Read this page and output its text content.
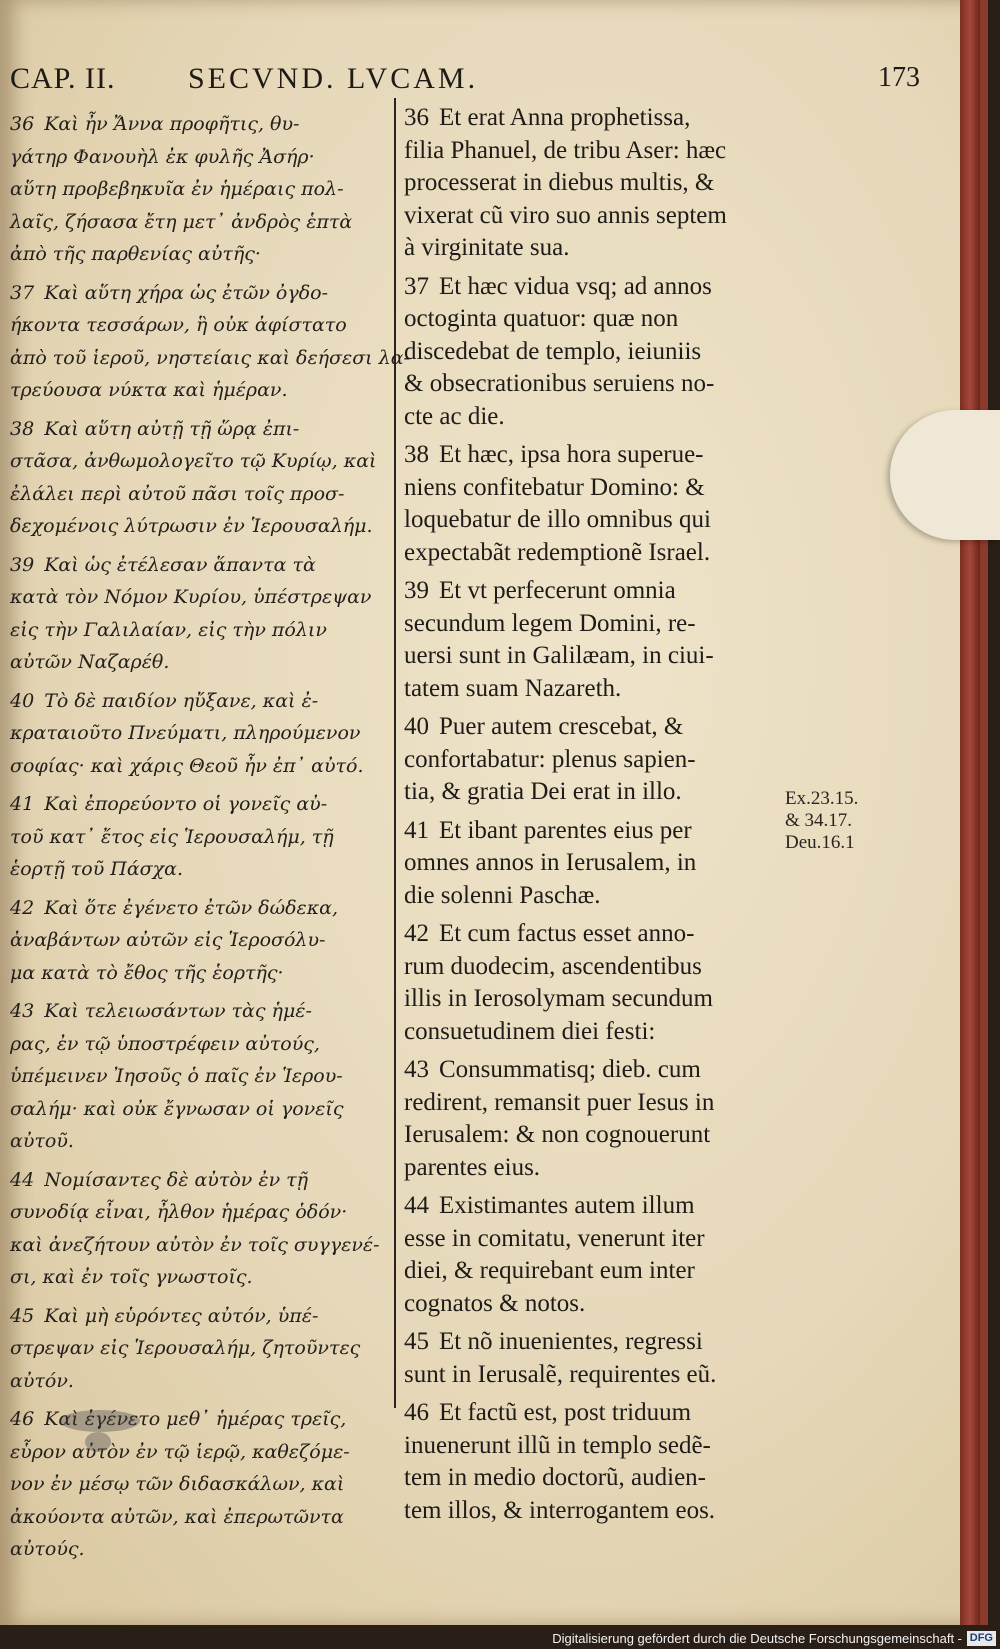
CAP. II. SECVND. LVCAM.	173
36 Καὶ ἦν Ἄννα προφῆτις, θυ-
γάτηρ Φανουὴλ ἐκ φυλῆς Ἀσήρ·
αὕτη προβεβηκυῖα ἐν ἡμέραις πολ-
λαῖς, ζήσασα ἔτη μετ᾽ ἀνδρὸς ἑπτὰ
ἀπὸ τῆς παρθενίας αὐτῆς·
37 Καὶ αὕτη χήρα ὡς ἐτῶν ὀγδο-
ήκοντα τεσσάρων, ἣ οὐκ ἀφίστατο
ἀπὸ τοῦ ἱεροῦ, νηστείαις καὶ δεήσεσι λα-
τρεύουσα νύκτα καὶ ἡμέραν.
38 Καὶ αὕτη αὐτῇ τῇ ὥρᾳ ἐπι-
στᾶσα, ἀνθωμολογεῖτο τῷ Κυρίῳ, καὶ
ἐλάλει περὶ αὐτοῦ πᾶσι τοῖς προσ-
δεχομένοις λύτρωσιν ἐν Ἱερουσαλήμ.
39 Καὶ ὡς ἐτέλεσαν ἅπαντα τὰ
κατὰ τὸν Νόμον Κυρίου, ὑπέστρεψαν
εἰς τὴν Γαλιλαίαν, εἰς τὴν πόλιν
αὐτῶν Ναζαρέθ.
40 Τὸ δὲ παιδίον ηὔξανε, καὶ ἐ-
κραταιοῦτο Πνεύματι, πληρούμενον
σοφίας· καὶ χάρις Θεοῦ ἦν ἐπ᾽ αὐτό.
41 Καὶ ἐπορεύοντο οἱ γονεῖς αὐ-
τοῦ κατ᾽ ἔτος εἰς Ἱερουσαλήμ, τῇ
ἑορτῇ τοῦ Πάσχα.
42 Καὶ ὅτε ἐγένετο ἐτῶν δώδεκα,
ἀναβάντων αὐτῶν εἰς Ἱεροσόλυ-
μα κατὰ τὸ ἔθος τῆς ἑορτῆς·
43 Καὶ τελειωσάντων τὰς ἡμέ-
ρας, ἐν τῷ ὑποστρέφειν αὐτούς,
ὑπέμεινεν Ἰησοῦς ὁ παῖς ἐν Ἱερου-
σαλήμ· καὶ οὐκ ἔγνωσαν οἱ γονεῖς
αὐτοῦ.
44 Νομίσαντες δὲ αὐτὸν ἐν τῇ
συνοδίᾳ εἶναι, ἦλθον ἡμέρας ὁδόν·
καὶ ἀνεζήτουν αὐτὸν ἐν τοῖς συγγενέ-
σι, καὶ ἐν τοῖς γνωστοῖς.
45 Καὶ μὴ εὑρόντες αὐτόν, ὑπέ-
στρεψαν εἰς Ἱερουσαλήμ, ζητοῦντες
αὐτόν.
46 Καὶ ἐγένετο μεθ᾽ ἡμέρας τρεῖς,
εὗρον αὐτὸν ἐν τῷ ἱερῷ, καθεζόμε-
νον ἐν μέσῳ τῶν διδασκάλων, καὶ
ἀκούοντα αὐτῶν, καὶ ἐπερωτῶντα
αὐτούς.
36 Et erat Anna prophetissa,
filia Phanuel, de tribu Aser: hæc
processerat in diebus multis, &
vixerat cũ viro suo annis septem
à virginitate sua.
37 Et hæc vidua vsq; ad annos
octoginta quatuor: quæ non
discedebat de templo, ieiuniis
& obsecrationibus seruiens no-
cte ac die.
38 Et hæc, ipsa hora superue-
niens confitebatur Domino: &
loquebatur de illo omnibus qui
expectabãt redemptionẽ Israel.
39 Et vt perfecerunt omnia
secundum legem Domini, re-
uersi sunt in Galilæam, in ciui-
tatem suam Nazareth.
40 Puer autem crescebat, &
confortabatur: plenus sapien-
tia, & gratia Dei erat in illo.
41 Et ibant parentes eius per
omnes annos in Ierusalem, in
die solenni Paschæ.
42 Et cum factus esset anno-
rum duodecim, ascendentibus
illis in Ierosolymam secundum
consuetudinem diei festi:
43 Consummatisq; dieb. cum
redirent, remansit puer Iesus in
Ierusalem: & non cognouerunt
parentes eius.
44 Existimantes autem illum
esse in comitatu, venerunt iter
diei, & requirebant eum inter
cognatos & notos.
45 Et nõ inuenientes, regressi
sunt in Ierusalẽ, requirentes eũ.
46 Et factũ est, post triduum
inuenerunt illũ in templo sedẽ-
tem in medio doctorũ, audien-
tem illos, & interrogantem eos.
Ex.23.15.
& 34.17.
Deu.16.1
Digitalisierung gefördert durch die Deutsche Forschungsgemeinschaft - DFG
